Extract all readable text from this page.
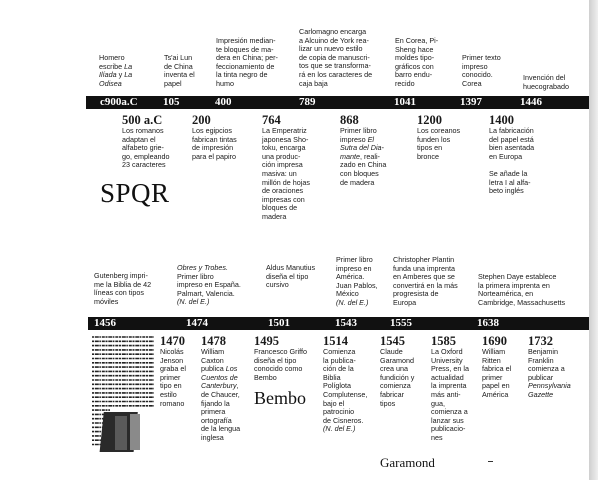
Homero
escribe La
Ilíada y La
Odisea
Ts'ai Lun
de China
inventa el
papel
Impresión median-
te bloques de ma-
dera en China; per-
feccionamiento de
la tinta negro de
humo
Carlomagno encarga
a Alcuino de York rea-
lizar un nuevo estilo
de copia de manuscri-
tos que se transforma-
rá en los caracteres de
caja baja
En Corea, Pi-
Sheng hace
moldes tipo-
gráficos con
barro endu-
recido
Primer texto
impreso
conocido.
Corea
Invención del
huecograbado
c900a.C 105	400	789	1041	1397	1446
500 a.C
Los romanos
adaptan el
alfabeto grie-
go, empleando
23 caracteres
200
Los egipcios
fabrican tintas
de impresión
para el papiro
764
La Emperatriz
japonesa Sho-
toku, encarga
una produc-
ción impresa
masiva: un
millón de hojas
de oraciones
impresas con
bloques de
madera
868
Primer libro
impreso El
Sutra del Dia-
mante, reali-
zado en China
con bloques
de madera
1200
Los coreanos
funden los
tipos en
bronce
1400
La fabricación
del papel está
bien asentada
en Europa

Se añade la
letra I al alfa-
beto inglés
SPQR
Gutenberg impri-
me la Biblia de 42
líneas con tipos
móviles
Obres y Trobes.
Primer libro
impreso en España.
Palmart, Valencia.
(N. del E.)
Aldus Manutius
diseña el tipo
cursivo
Primer libro
impreso en
América.
Juan Pablos,
México
(N. del E.)
Christopher Plantin
funda una imprenta
en Amberes que se
convertirá en la más
progresista de
Europa
Stephen Daye establece
la primera imprenta en
Norteamérica, en
Cambridge, Massachusetts
1456	1474	1501	1543	1555	1638
1470
Nicolás
Jenson
graba el
primer
tipo en
estilo
romano
1478
William
Caxton
publica Los
Cuentos de
Canterbury,
de Chaucer,
fijando la
primera
ortografía
de la lengua
inglesa
1495
Francesco Griffo
diseña el tipo
conocido como
Bembo
Bembo
1514
Comienza
la publica-
ción de la
Biblia
Políglota
Complutense,
bajo el
patrocinio
de Cisneros.
(N. del E.)
1545
Claude
Garamond
crea una
fundición y
comienza
fabricar
tipos
Garamond
1585
La Oxford
University
Press, en la
actualidad
la imprenta
más anti-
gua,
comienza a
lanzar sus
publicacio-
nes
1690
William
Ritten
fabrica el
primer
papel en
América
1732
Benjamin
Franklin
comienza a
publicar
Pennsylvania
Gazette
